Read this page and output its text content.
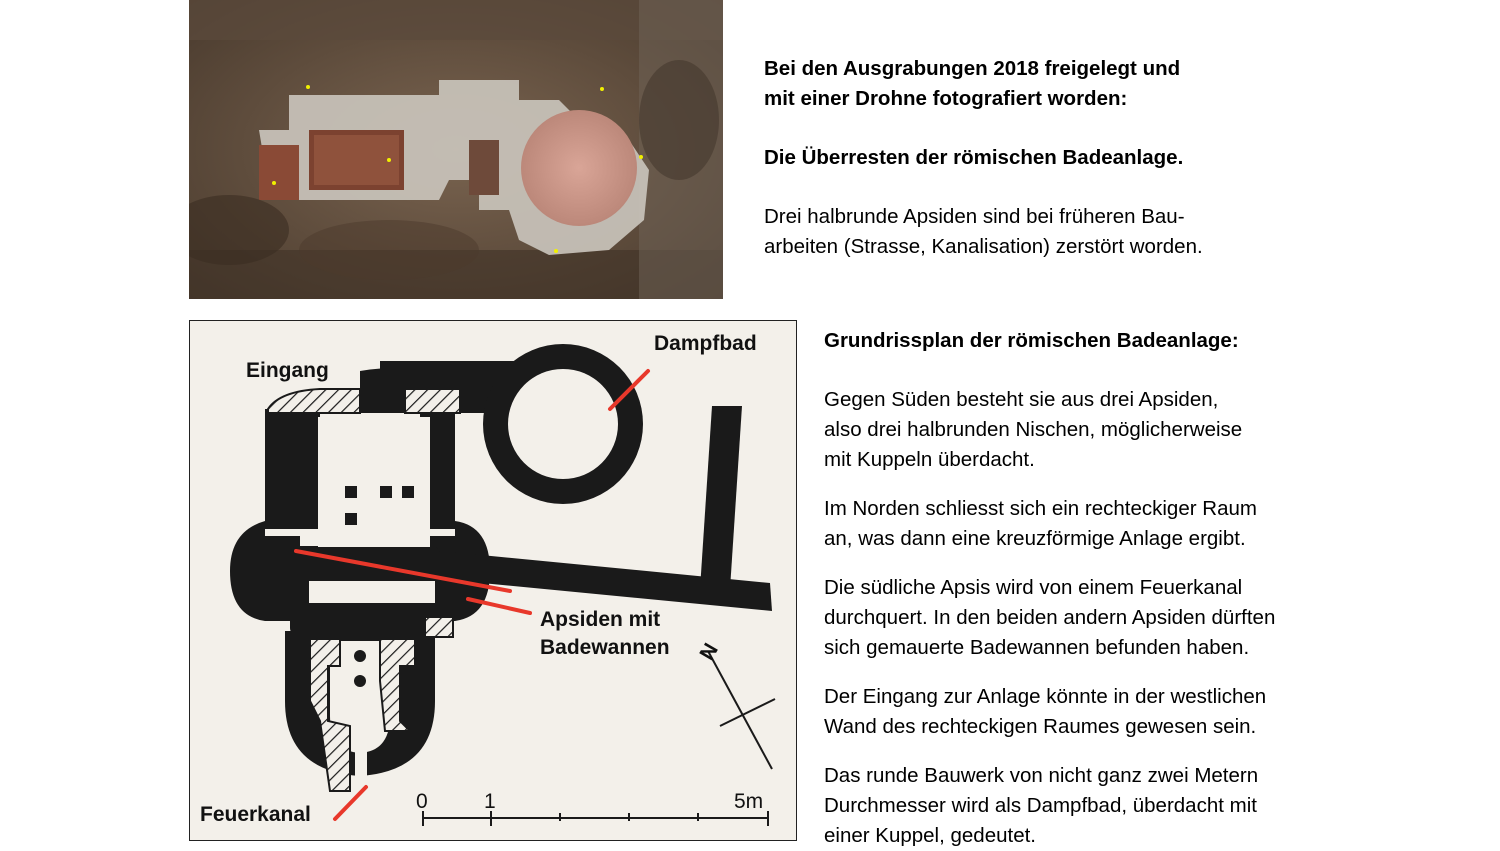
Bei den Ausgrabungen 2018 freigelegt und

mit einer Drohne fotografiert worden:

Die Überresten der römischen Badeanlage.

Drei halbrunde Apsiden sind bei früheren Bau-

arbeiten (Strasse, Kanalisation) zerstört worden.

Dampfbad
Eingang
Apsiden mit
Badewannen
Feuerkanal
0	1	5m
N

Grundrissplan der römischen Badeanlage:

Gegen Süden besteht sie aus drei Apsiden,

also drei halbrunden Nischen, möglicherweise

mit Kuppeln überdacht.

Im Norden schliesst sich ein rechteckiger Raum

an, was dann eine kreuzförmige Anlage ergibt.

Die südliche Apsis wird von einem Feuerkanal

durchquert. In den beiden andern Apsiden dürften

sich gemauerte Badewannen befunden haben.

Der Eingang zur Anlage könnte in der westlichen

Wand des rechteckigen Raumes gewesen sein.

Das runde Bauwerk von nicht ganz zwei Metern

Durchmesser wird als Dampfbad, überdacht mit

einer Kuppel, gedeutet.
